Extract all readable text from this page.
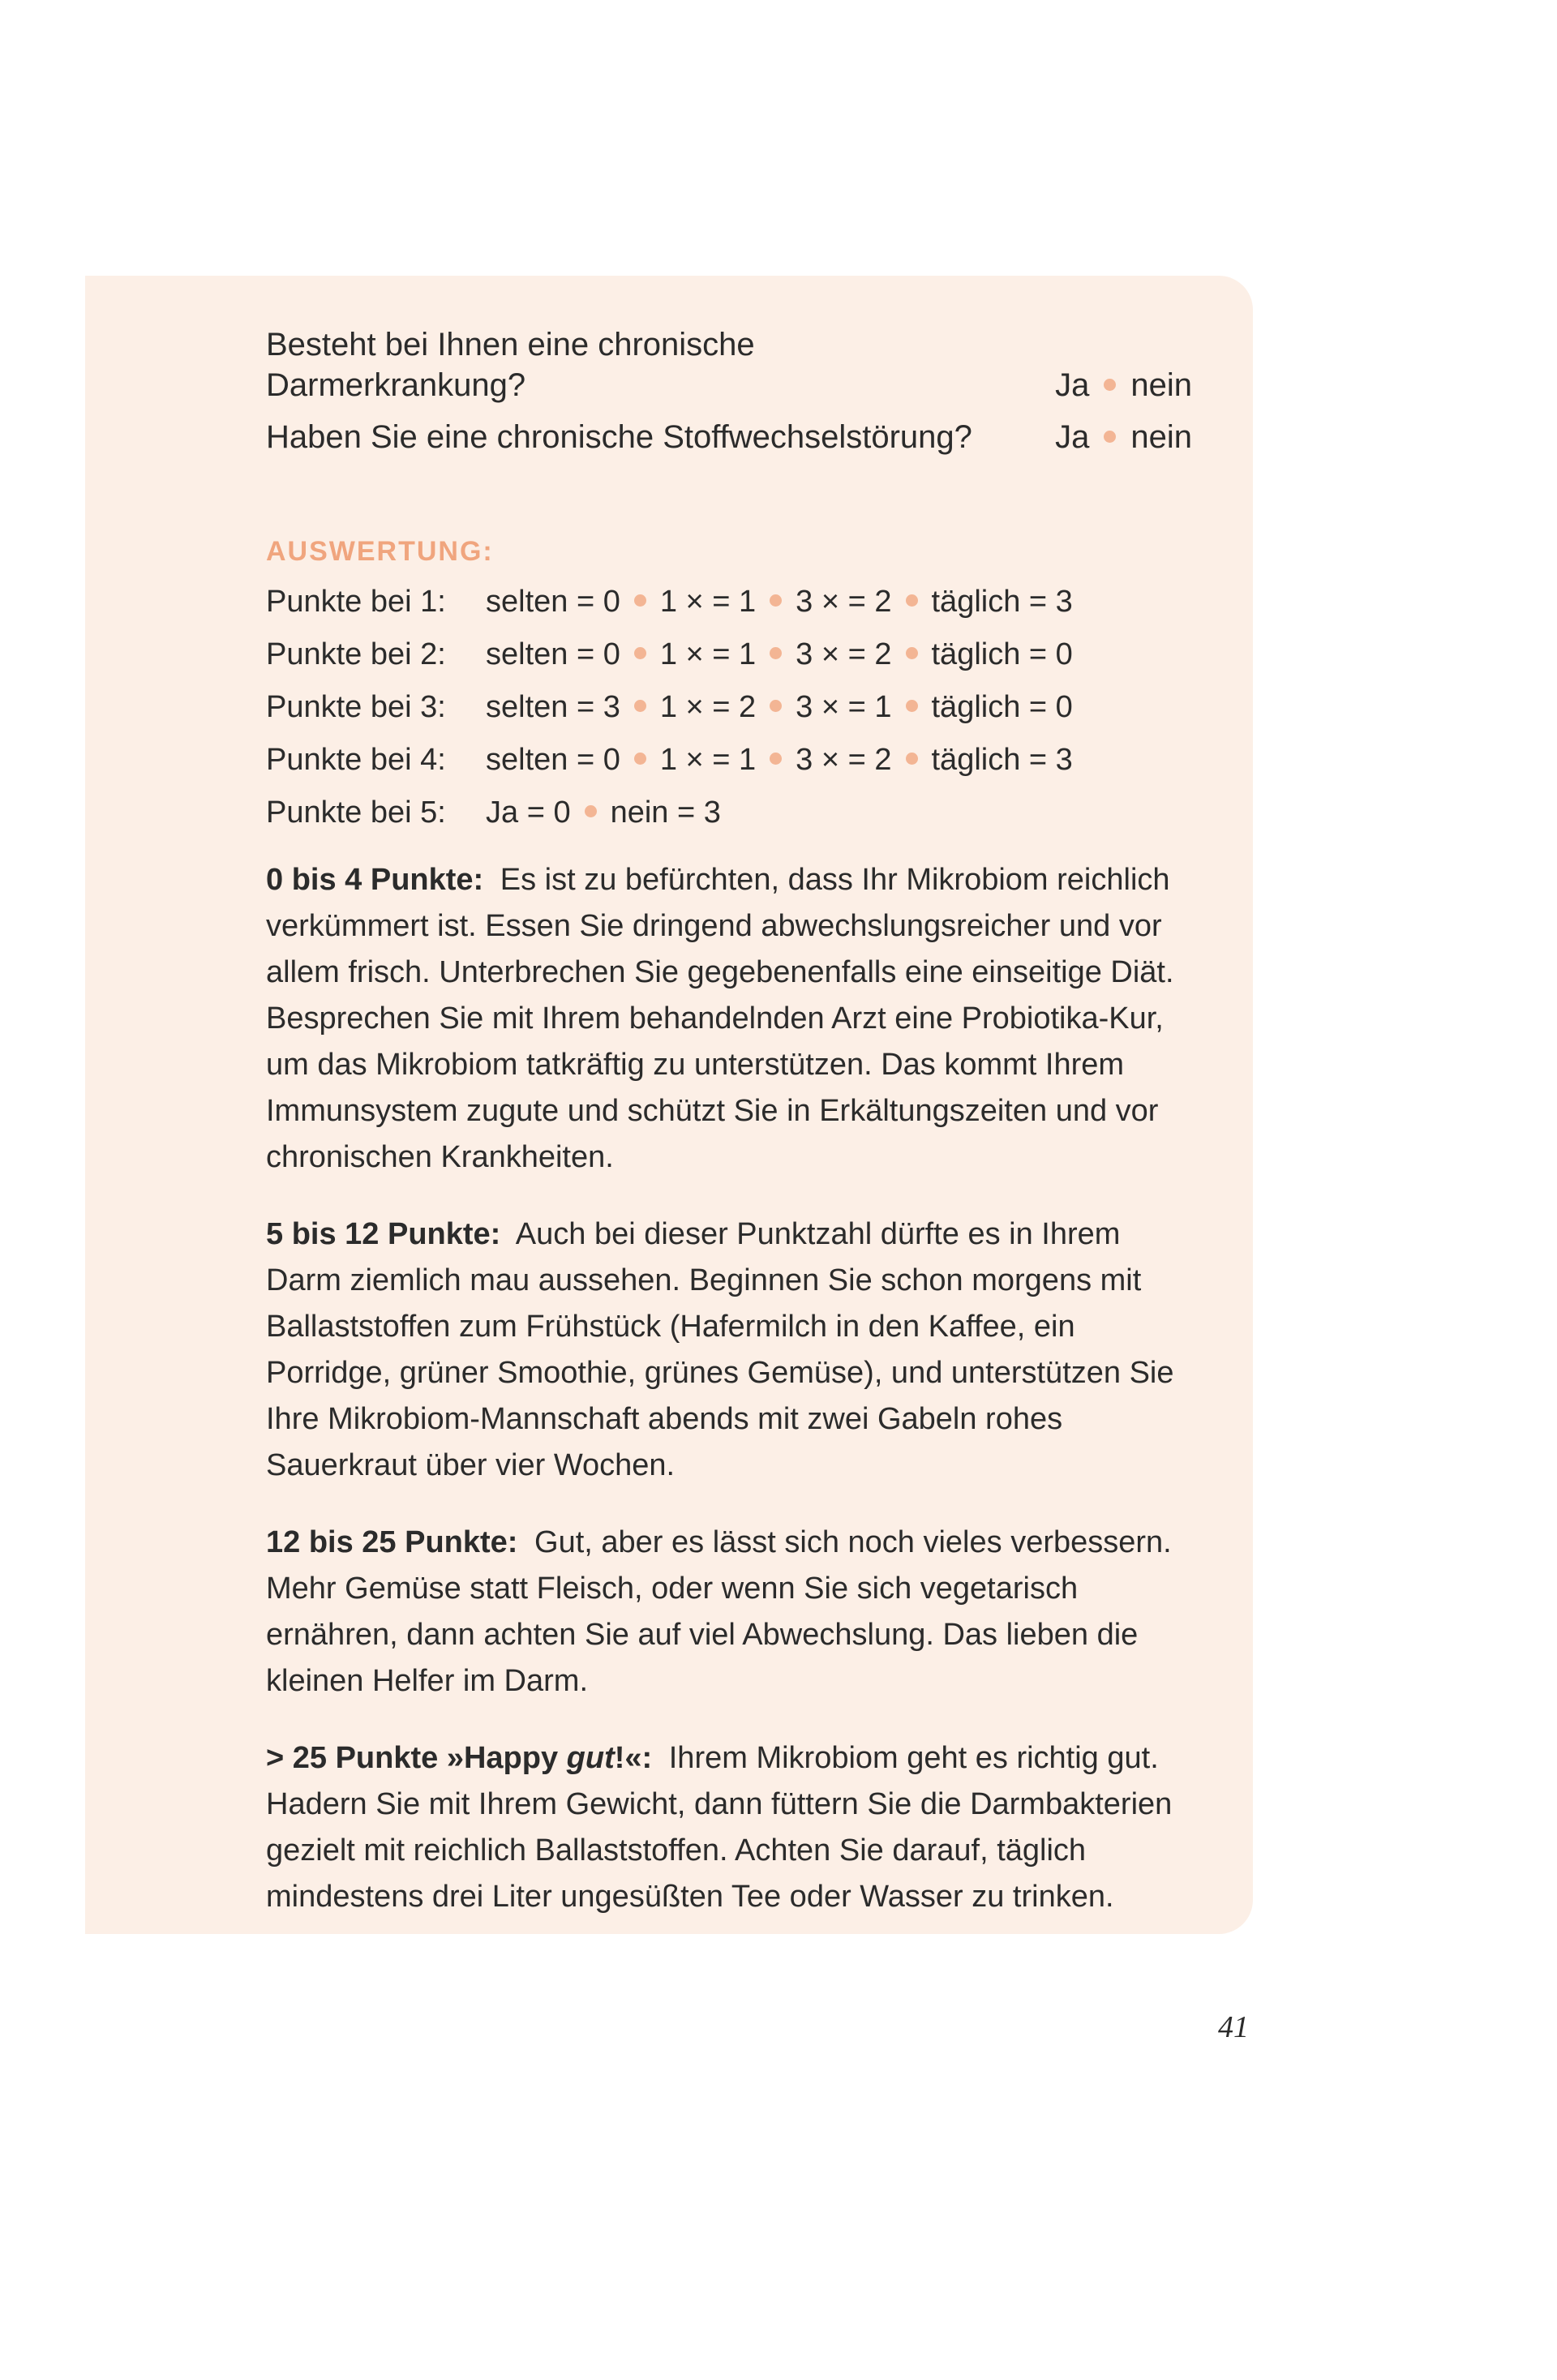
Besteht bei Ihnen eine chronische Darmerkrankung?	Ja nein
Haben Sie eine chronische Stoffwechselstörung?	Ja nein
AUSWERTUNG:
Punkte bei 1:	selten = 0 1 × = 1 3 × = 2 täglich = 3
Punkte bei 2:	selten = 0 1 × = 1 3 × = 2 täglich = 0
Punkte bei 3:	selten = 3 1 × = 2 3 × = 1 täglich = 0
Punkte bei 4:	selten = 0 1 × = 1 3 × = 2 täglich = 3
Punkte bei 5:	Ja = 0 nein = 3

0 bis 4 Punkte: Es ist zu befürchten, dass Ihr Mikrobiom reichlich verkümmert ist. Essen Sie dringend abwechslungsreicher und vor allem frisch. Unterbrechen Sie gegebenenfalls eine einseitige Diät. Besprechen Sie mit Ihrem behandelnden Arzt eine Probiotika-Kur, um das Mikrobiom tatkräftig zu unterstützen. Das kommt Ihrem Immunsystem zugute und schützt Sie in Erkältungszeiten und vor chronischen Krankheiten.

5 bis 12 Punkte: Auch bei dieser Punktzahl dürfte es in Ihrem Darm ziemlich mau aussehen. Beginnen Sie schon morgens mit Ballaststoffen zum Frühstück (Hafermilch in den Kaffee, ein Porridge, grüner Smoothie, grünes Gemüse), und unterstützen Sie Ihre Mikrobiom-Mannschaft abends mit zwei Gabeln rohes Sauerkraut über vier Wochen.

12 bis 25 Punkte: Gut, aber es lässt sich noch vieles verbessern. Mehr Gemüse statt Fleisch, oder wenn Sie sich vegetarisch ernähren, dann achten Sie auf viel Abwechslung. Das lieben die kleinen Helfer im Darm.

> 25 Punkte »Happy gut!«: Ihrem Mikrobiom geht es richtig gut. Hadern Sie mit Ihrem Gewicht, dann füttern Sie die Darmbakterien gezielt mit reichlich Ballaststoffen. Achten Sie darauf, täglich mindestens drei Liter ungesüßten Tee oder Wasser zu trinken.

41
